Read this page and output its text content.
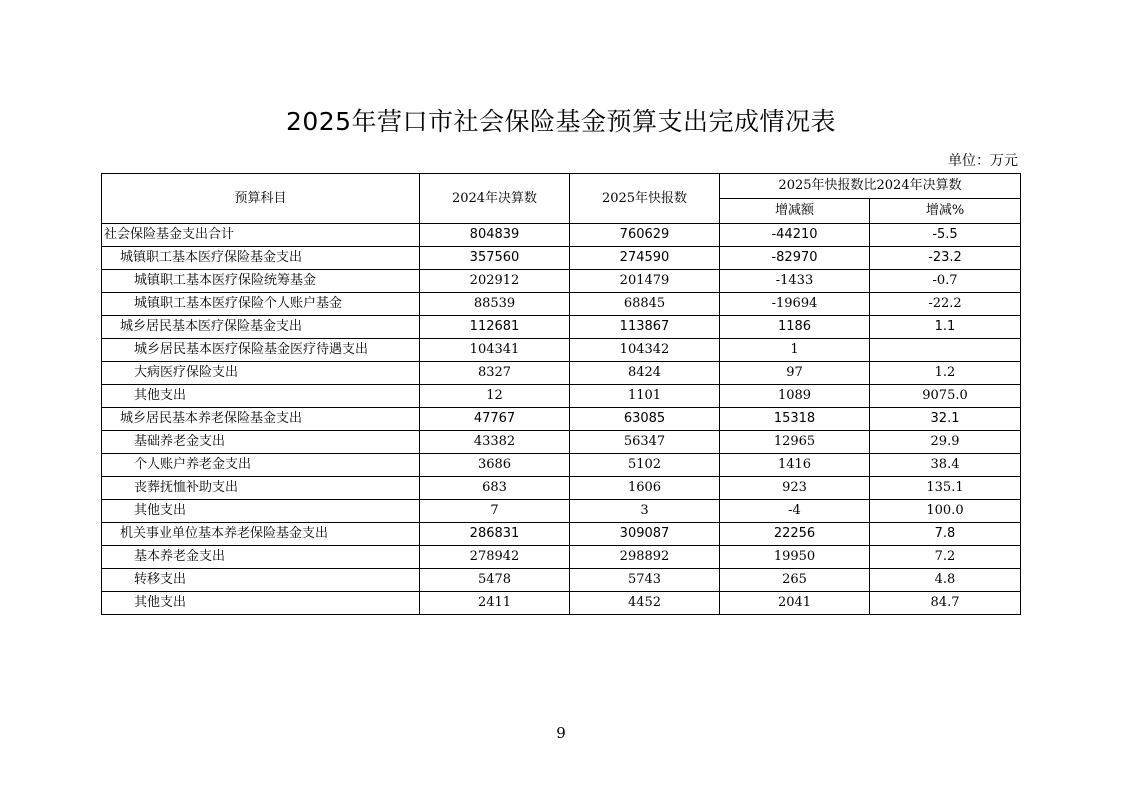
2025年营口市社会保险基金预算支出完成情况表
单位：万元
预算科目	2024年决算数	2025年快报数	2025年快报数比2024年决算数	
			增减额	增减%
社会保险基金支出合计	804839	760629	-44210	-5.5
城镇职工基本医疗保险基金支出	357560	274590	-82970	-23.2
城镇职工基本医疗保险统筹基金	202912	201479	-1433	-0.7
城镇职工基本医疗保险个人账户基金	88539	68845	-19694	-22.2
城乡居民基本医疗保险基金支出	112681	113867	1186	1.1
城乡居民基本医疗保险基金医疗待遇支出	104341	104342	1	
大病医疗保险支出	8327	8424	97	1.2
其他支出	12	1101	1089	9075.0
城乡居民基本养老保险基金支出	47767	63085	15318	32.1
基础养老金支出	43382	56347	12965	29.9
个人账户养老金支出	3686	5102	1416	38.4
丧葬抚恤补助支出	683	1606	923	135.1
其他支出	7	3	-4	100.0
机关事业单位基本养老保险基金支出	286831	309087	22256	7.8
基本养老金支出	278942	298892	19950	7.2
转移支出	5478	5743	265	4.8
其他支出	2411	4452	2041	84.7
9
